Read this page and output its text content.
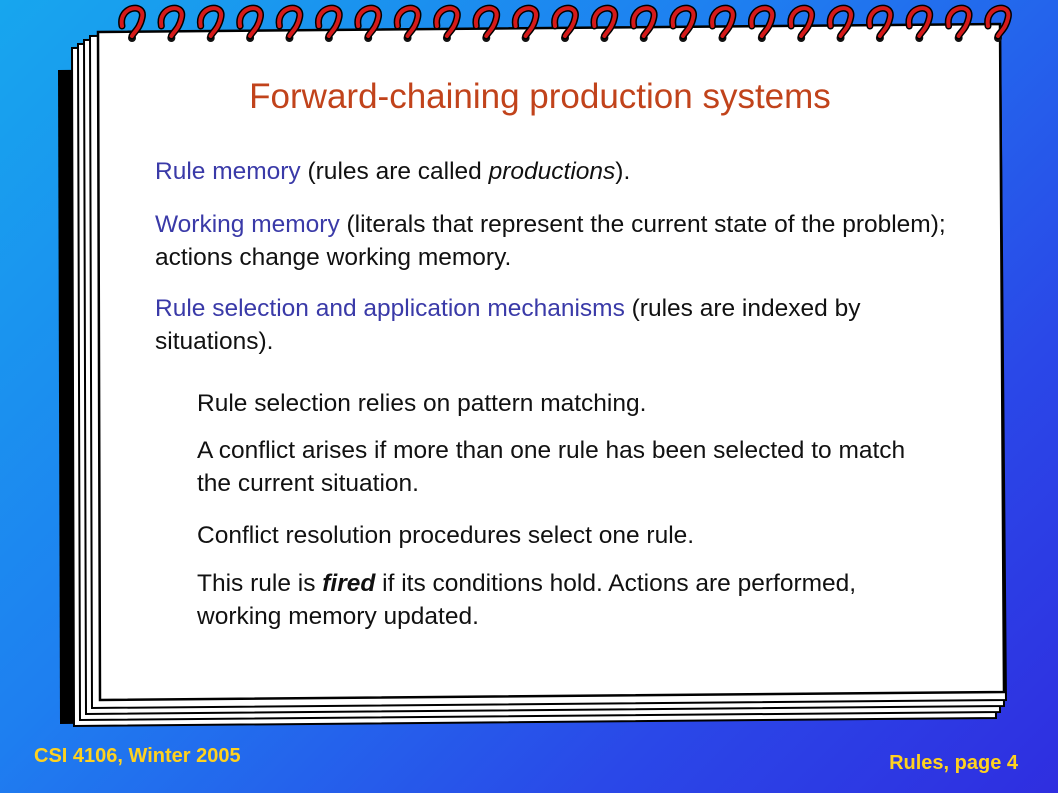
Forward-chaining production systems
Rule memory (rules are called productions).
Working memory (literals that represent the current state of the problem); actions change working memory.
Rule selection and application mechanisms (rules are indexed by situations).
Rule selection relies on pattern matching.
A conflict arises if more than one rule has been selected to match the current situation.
Conflict resolution procedures select one rule.
This rule is fired if its conditions hold. Actions are performed, working memory updated.
CSI 4106, Winter 2005	Rules, page 4
